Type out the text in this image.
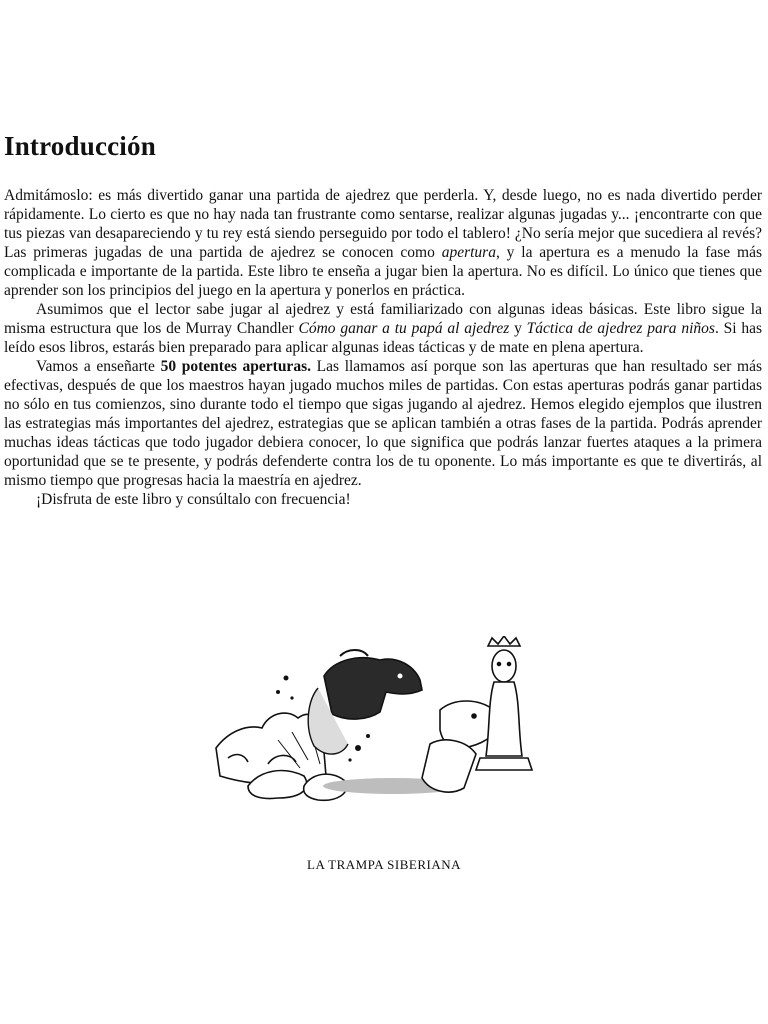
Introducción

Admitámoslo: es más divertido ganar una partida de ajedrez que perderla. Y, desde luego, no es nada divertido perder rápidamente. Lo cierto es que no hay nada tan frustrante como sentarse, realizar algunas jugadas y... ¡encontrarte con que tus piezas van desapareciendo y tu rey está siendo perseguido por todo el tablero! ¿No sería mejor que sucediera al revés? Las primeras jugadas de una partida de ajedrez se conocen como apertura, y la apertura es a menudo la fase más complicada e importante de la partida. Este libro te enseña a jugar bien la apertura. No es difícil. Lo único que tienes que aprender son los principios del juego en la apertura y ponerlos en práctica.

Asumimos que el lector sabe jugar al ajedrez y está familiarizado con algunas ideas básicas. Este libro sigue la misma estructura que los de Murray Chandler Cómo ganar a tu papá al ajedrez y Táctica de ajedrez para niños. Si has leído esos libros, estarás bien preparado para aplicar algunas ideas tácticas y de mate en plena apertura.

Vamos a enseñarte 50 potentes aperturas. Las llamamos así porque son las aperturas que han resultado ser más efectivas, después de que los maestros hayan jugado muchos miles de partidas. Con estas aperturas podrás ganar partidas no sólo en tus comienzos, sino durante todo el tiempo que sigas jugando al ajedrez. Hemos elegido ejemplos que ilustren las estrategias más importantes del ajedrez, estrategias que se aplican también a otras fases de la partida. Podrás aprender muchas ideas tácticas que todo jugador debiera conocer, lo que significa que podrás lanzar fuertes ataques a la primera oportunidad que se te presente, y podrás defenderte contra los de tu oponente. Lo más importante es que te divertirás, al mismo tiempo que progresas hacia la maestría en ajedrez.

¡Disfruta de este libro y consúltalo con frecuencia!

LA TRAMPA SIBERIANA
